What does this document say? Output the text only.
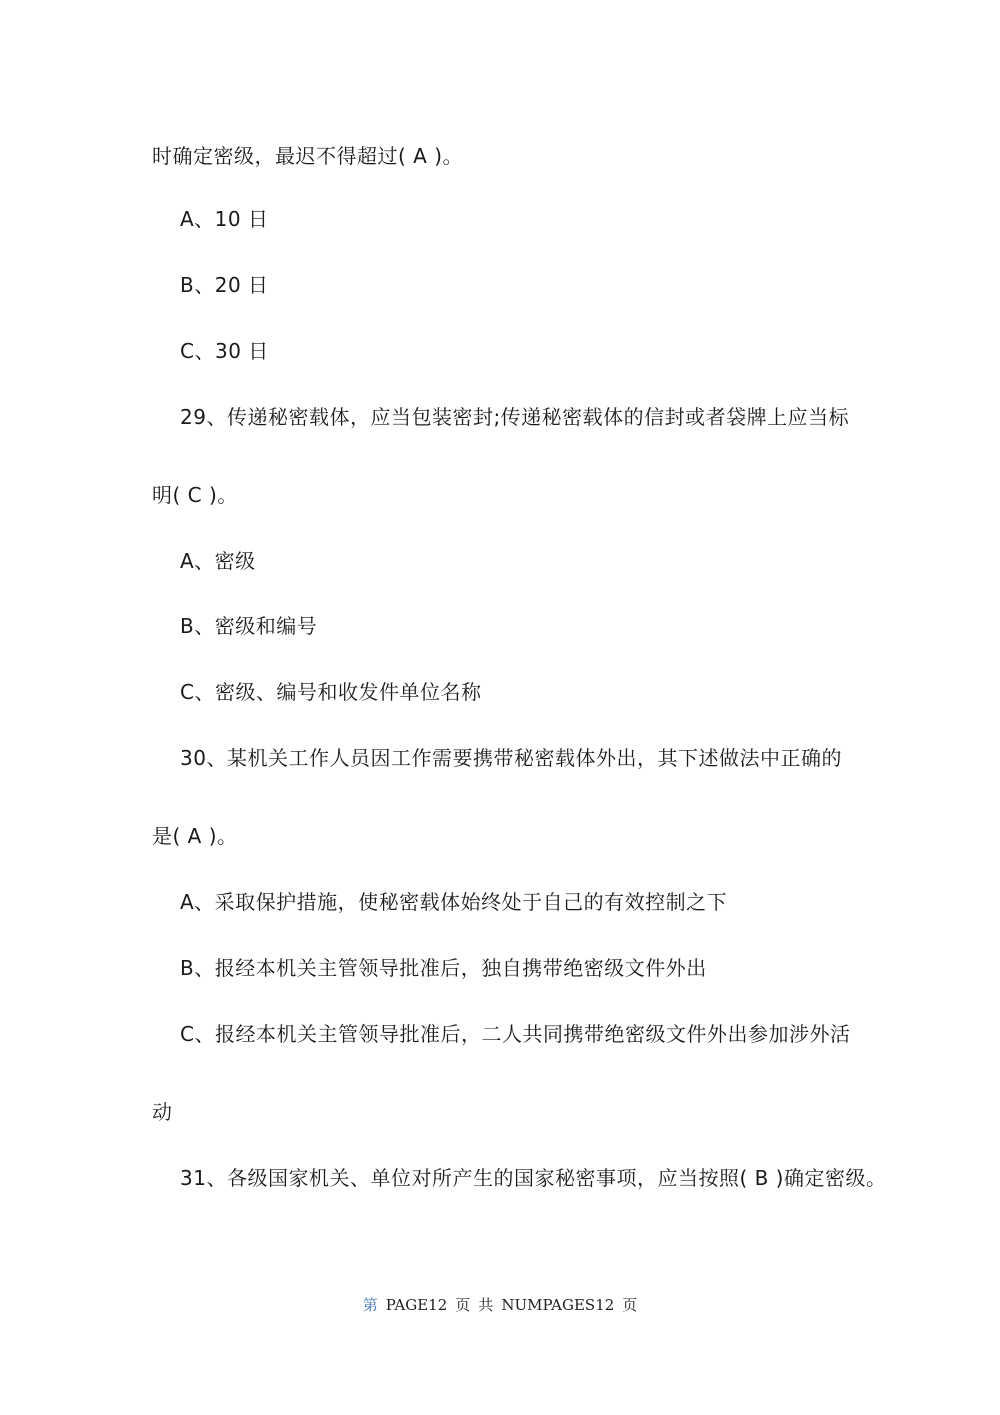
时确定密级，最迟不得超过( A )。
A、10 日
B、20 日
C、30 日
29、传递秘密载体，应当包装密封;传递秘密载体的信封或者袋牌上应当标
明( C )。
A、密级
B、密级和编号
C、密级、编号和收发件单位名称
30、某机关工作人员因工作需要携带秘密载体外出，其下述做法中正确的
是( A )。
A、采取保护措施，使秘密载体始终处于自己的有效控制之下
B、报经本机关主管领导批准后，独自携带绝密级文件外出
C、报经本机关主管领导批准后，二人共同携带绝密级文件外出参加涉外活
动
31、各级国家机关、单位对所产生的国家秘密事项，应当按照( B )确定密级。
第 PAGE12 页 共 NUMPAGES12 页
